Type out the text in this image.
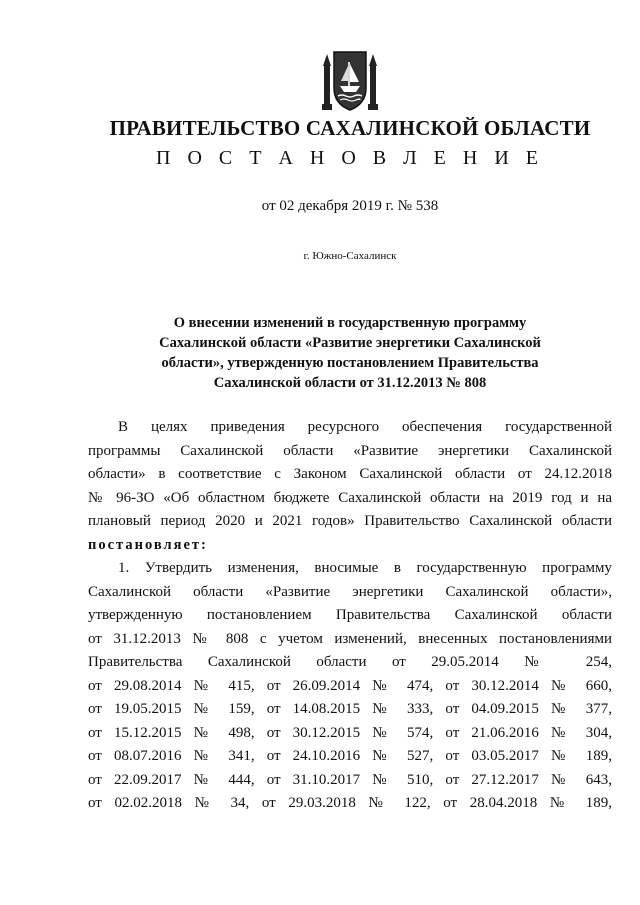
ПРАВИТЕЛЬСТВО САХАЛИНСКОЙ ОБЛАСТИ
П О С Т А Н О В Л Е Н И Е
от 02 декабря 2019 г. № 538
г. Южно-Сахалинск
О внесении изменений в государственную программу
Сахалинской области «Развитие энергетики Сахалинской
области», утвержденную постановлением Правительства
Сахалинской области от 31.12.2013 № 808
В целях приведения ресурсного обеспечения государственной
программы Сахалинской области «Развитие энергетики Сахалинской
области» в соответствие с Законом Сахалинской области от 24.12.2018
№ 96-ЗО «Об областном бюджете Сахалинской области на 2019 год и на
плановый период 2020 и 2021 годов» Правительство Сахалинской области
постановляет:
1. Утвердить изменения, вносимые в государственную программу
Сахалинской области «Развитие энергетики Сахалинской области»,
утвержденную постановлением Правительства Сахалинской области
от 31.12.2013 № 808 с учетом изменений, внесенных постановлениями
Правительства Сахалинской области от 29.05.2014 № 254,
от 29.08.2014 № 415, от 26.09.2014 № 474, от 30.12.2014 № 660,
от 19.05.2015 № 159, от 14.08.2015 № 333, от 04.09.2015 № 377,
от 15.12.2015 № 498, от 30.12.2015 № 574, от 21.06.2016 № 304,
от 08.07.2016 № 341, от 24.10.2016 № 527, от 03.05.2017 № 189,
от 22.09.2017 № 444, от 31.10.2017 № 510, от 27.12.2017 № 643,
от 02.02.2018 № 34, от 29.03.2018 № 122, от 28.04.2018 № 189,
